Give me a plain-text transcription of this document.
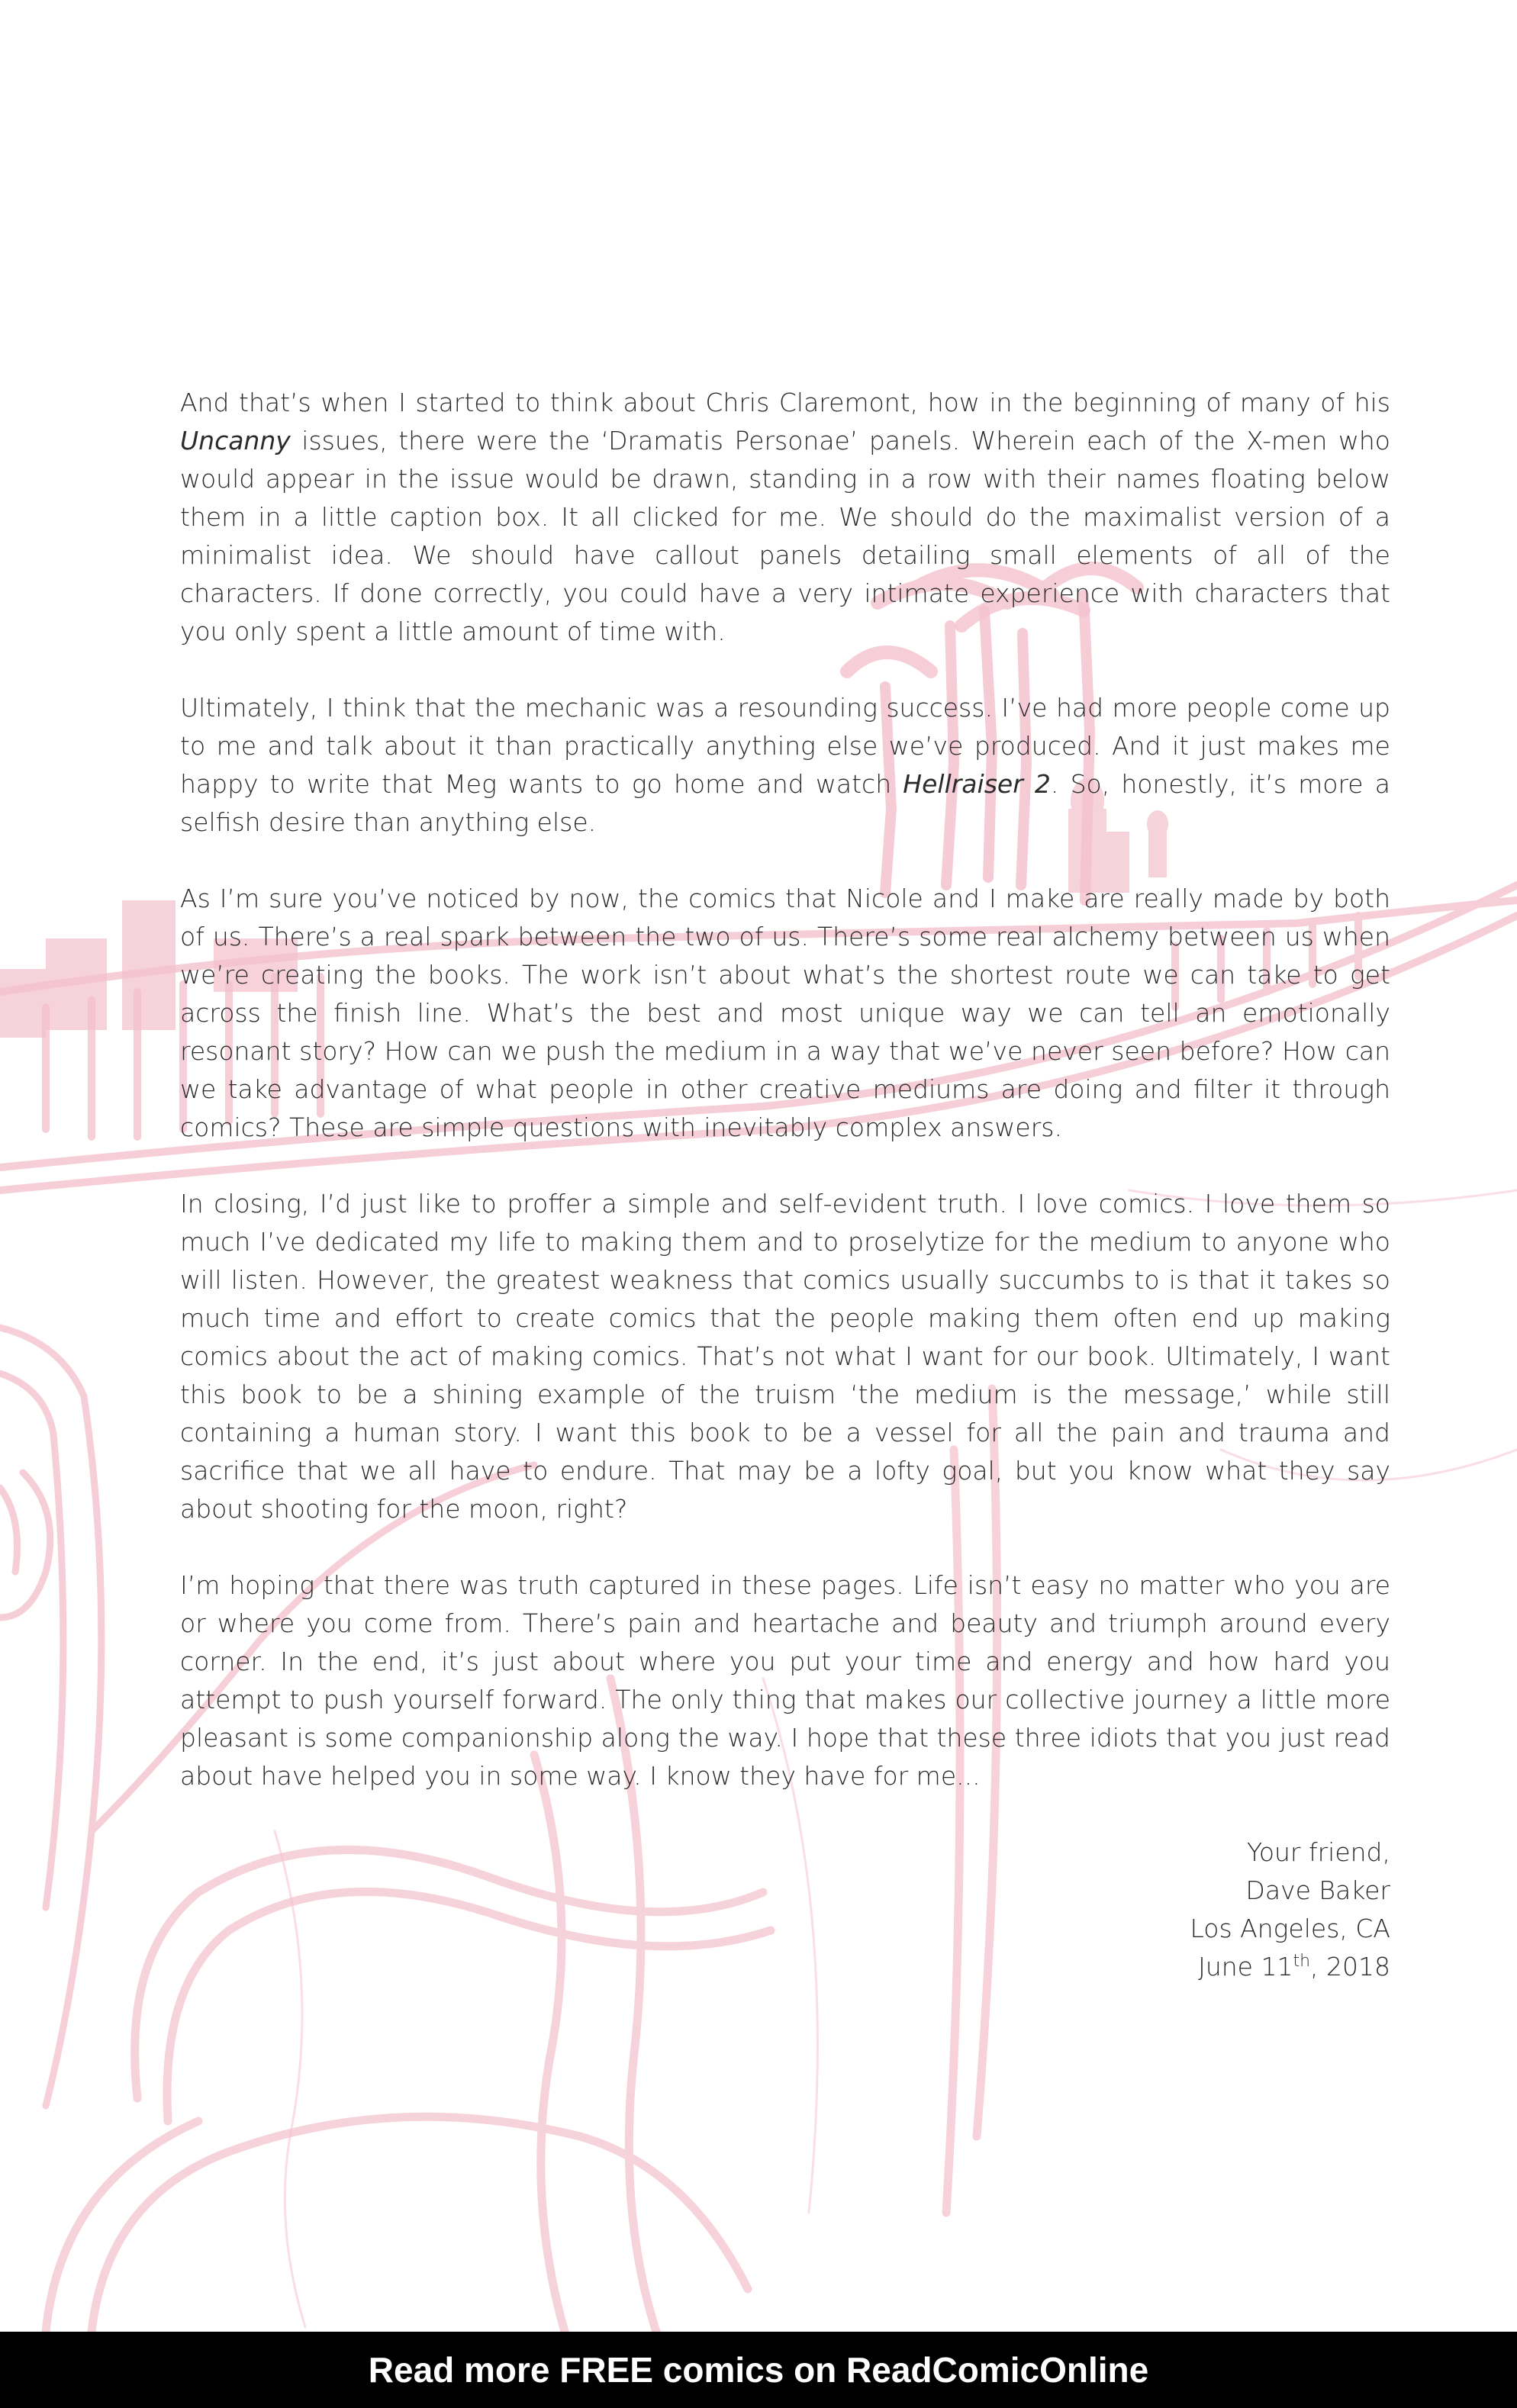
And that’s when I started to think about Chris Claremont, how in the beginning of many of his Uncanny issues, there were the ‘Dramatis Personae’ panels. Wherein each of the X-men who would appear in the issue would be drawn, standing in a row with their names floating below them in a little caption box. It all clicked for me. We should do the maximalist version of a minimalist idea. We should have callout panels detailing small elements of all of the characters. If done correctly, you could have a very intimate experience with characters that you only spent a little amount of time with.

Ultimately, I think that the mechanic was a resounding success. I’ve had more people come up to me and talk about it than practically anything else we’ve produced. And it just makes me happy to write that Meg wants to go home and watch Hellraiser 2. So, honestly, it’s more a selfish desire than anything else.

As I’m sure you’ve noticed by now, the comics that Nicole and I make are really made by both of us. There’s a real spark between the two of us. There’s some real alchemy between us when we’re creating the books. The work isn’t about what’s the shortest route we can take to get across the finish line. What’s the best and most unique way we can tell an emotionally resonant story? How can we push the medium in a way that we’ve never seen before? How can we take advantage of what people in other creative mediums are doing and filter it through comics? These are simple questions with inevitably complex answers.

In closing, I’d just like to proffer a simple and self-evident truth. I love comics. I love them so much I’ve dedicated my life to making them and to proselytize for the medium to anyone who will listen. However, the greatest weakness that comics usually succumbs to is that it takes so much time and effort to create comics that the people making them often end up making comics about the act of making comics. That’s not what I want for our book. Ultimately, I want this book to be a shining example of the truism ‘the medium is the message,’ while still containing a human story. I want this book to be a vessel for all the pain and trauma and sacrifice that we all have to endure. That may be a lofty goal, but you know what they say about shooting for the moon, right?

I’m hoping that there was truth captured in these pages. Life isn’t easy no matter who you are or where you come from. There’s pain and heartache and beauty and triumph around every corner. In the end, it’s just about where you put your time and energy and how hard you attempt to push yourself forward. The only thing that makes our collective journey a little more pleasant is some companionship along the way. I hope that these three idiots that you just read about have helped you in some way. I know they have for me...

Your friend,
Dave Baker
Los Angeles, CA
June 11th, 2018
Read more FREE comics on ReadComicOnline
